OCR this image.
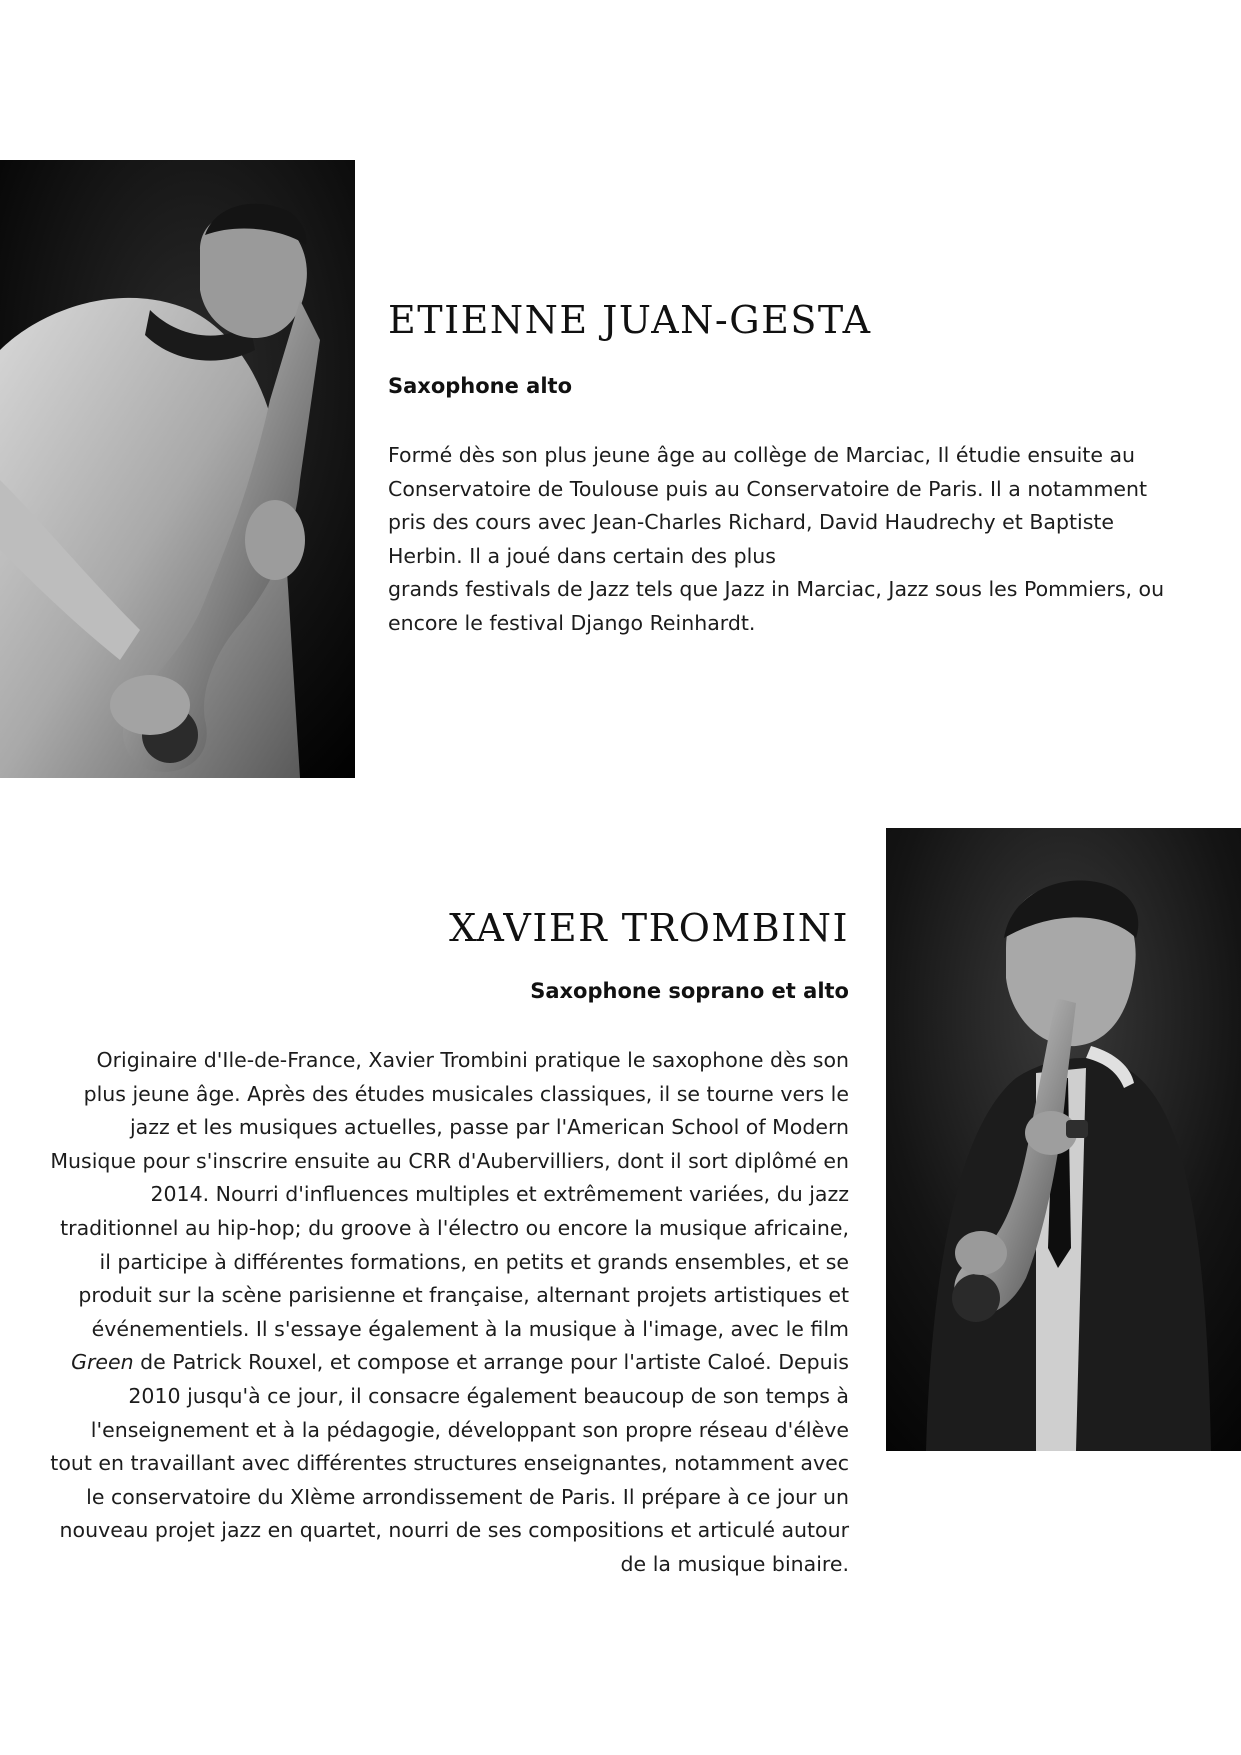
ETIENNE JUAN-GESTA

Saxophone alto

Formé dès son plus jeune âge au collège de Marciac, Il étudie ensuite au
Conservatoire de Toulouse puis au Conservatoire de Paris. Il a notamment
pris des cours avec Jean-Charles Richard, David Haudrechy et Baptiste
Herbin. Il a joué dans certain des plus
grands festivals de Jazz tels que Jazz in Marciac, Jazz sous les Pommiers, ou
encore le festival Django Reinhardt.
XAVIER TROMBINI

Saxophone soprano et alto

Originaire d'Ile-de-France, Xavier Trombini pratique le saxophone dès son
plus jeune âge. Après des études musicales classiques, il se tourne vers le
jazz et les musiques actuelles, passe par l'American School of Modern
Musique pour s'inscrire ensuite au CRR d'Aubervilliers, dont il sort diplômé en
2014. Nourri d'influences multiples et extrêmement variées, du jazz
traditionnel au hip-hop; du groove à l'électro ou encore la musique africaine,
il participe à différentes formations, en petits et grands ensembles, et se
produit sur la scène parisienne et française, alternant projets artistiques et
événementiels. Il s'essaye également à la musique à l'image, avec le film
Green de Patrick Rouxel, et compose et arrange pour l'artiste Caloé. Depuis
2010 jusqu'à ce jour, il consacre également beaucoup de son temps à
l'enseignement et à la pédagogie, développant son propre réseau d'élève
tout en travaillant avec différentes structures enseignantes, notamment avec
le conservatoire du XIème arrondissement de Paris. Il prépare à ce jour un
nouveau projet jazz en quartet, nourri de ses compositions et articulé autour
de la musique binaire.
